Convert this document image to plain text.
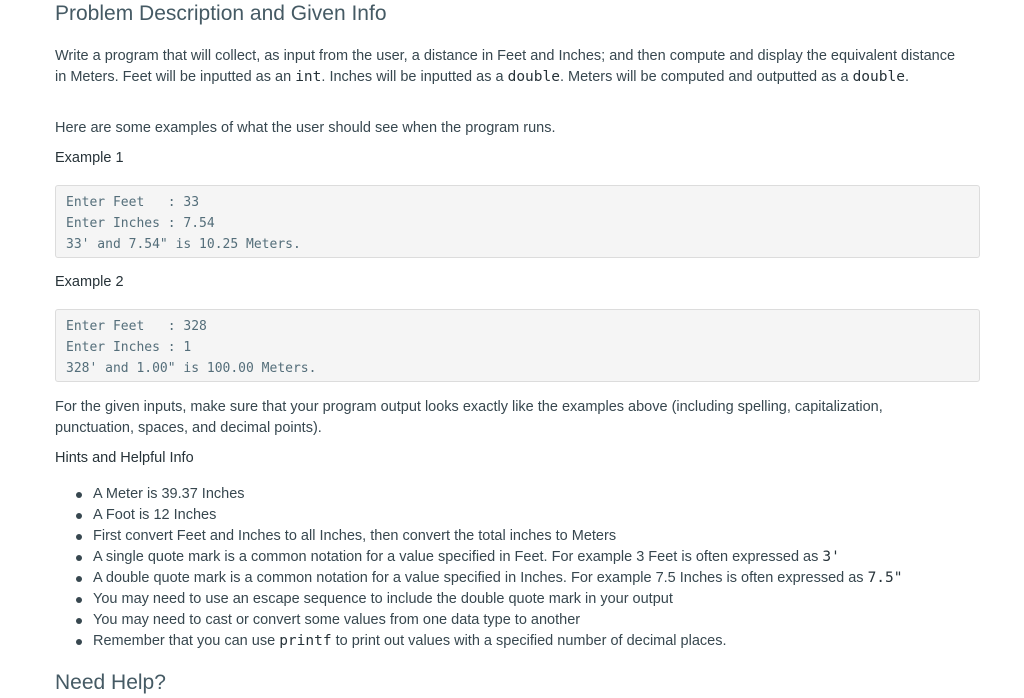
Problem Description and Given Info

Write a program that will collect, as input from the user, a distance in Feet and Inches; and then compute and display the equivalent distance in Meters. Feet will be inputted as an int. Inches will be inputted as a double. Meters will be computed and outputted as a double.

Here are some examples of what the user should see when the program runs.

Example 1

Enter Feet   : 33
Enter Inches : 7.54
33' and 7.54" is 10.25 Meters.

Example 2

Enter Feet   : 328
Enter Inches : 1
328' and 1.00" is 100.00 Meters.

For the given inputs, make sure that your program output looks exactly like the examples above (including spelling, capitalization,

punctuation, spaces, and decimal points).

Hints and Helpful Info

A Meter is 39.37 Inches
A Foot is 12 Inches
First convert Feet and Inches to all Inches, then convert the total inches to Meters
A single quote mark is a common notation for a value specified in Feet. For example 3 Feet is often expressed as 3'
A double quote mark is a common notation for a value specified in Inches. For example 7.5 Inches is often expressed as 7.5"
You may need to use an escape sequence to include the double quote mark in your output
You may need to cast or convert some values from one data type to another
Remember that you can use printf to print out values with a specified number of decimal places.
Need Help?
